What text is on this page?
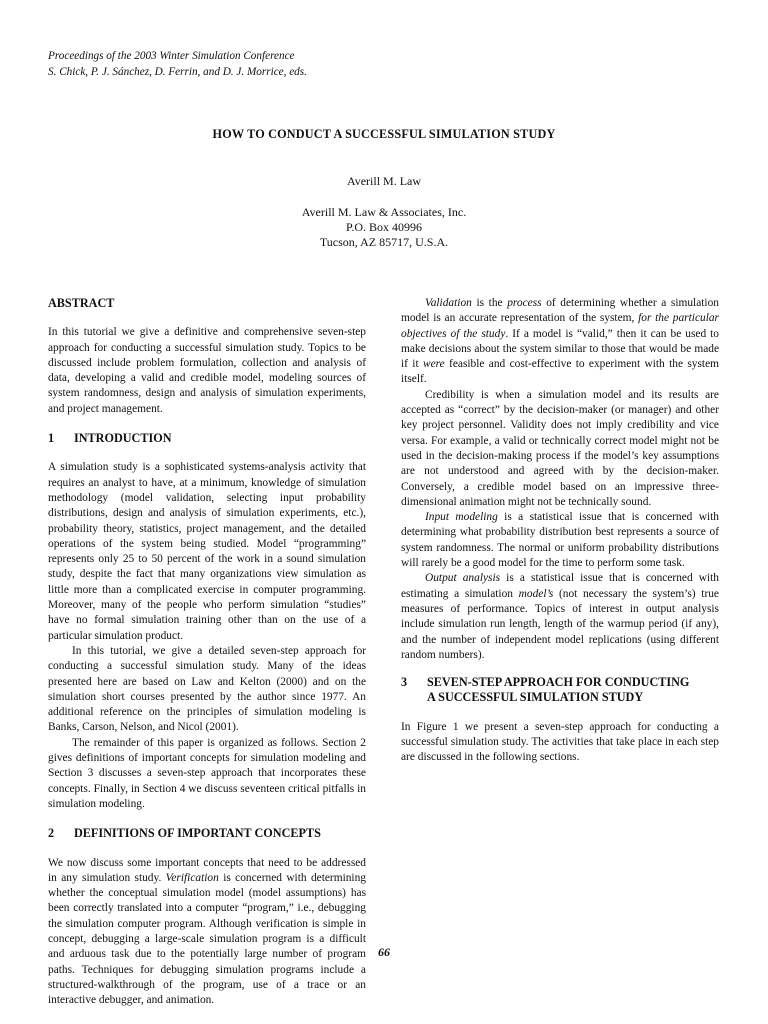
Proceedings of the 2003 Winter Simulation Conference
S. Chick, P. J. Sánchez, D. Ferrin, and D. J. Morrice, eds.
HOW TO CONDUCT A SUCCESSFUL SIMULATION STUDY
Averill M. Law
Averill M. Law & Associates, Inc.
P.O. Box 40996
Tucson, AZ 85717, U.S.A.
ABSTRACT

In this tutorial we give a definitive and comprehensive seven-step approach for conducting a successful simulation study. Topics to be discussed include problem formulation, collection and analysis of data, developing a valid and credible model, modeling sources of system randomness, design and analysis of simulation experiments, and project management.

1	INTRODUCTION

A simulation study is a sophisticated systems-analysis activity that requires an analyst to have, at a minimum, knowledge of simulation methodology (model validation, selecting input probability distributions, design and analysis of simulation experiments, etc.), probability theory, statistics, project management, and the detailed operations of the system being studied. Model “programming” represents only 25 to 50 percent of the work in a sound simulation study, despite the fact that many organizations view simulation as little more than a complicated exercise in computer programming. Moreover, many of the people who perform simulation “studies” have no formal simulation training other than on the use of a particular simulation product.

In this tutorial, we give a detailed seven-step approach for conducting a successful simulation study. Many of the ideas presented here are based on Law and Kelton (2000) and on the simulation short courses presented by the author since 1977. An additional reference on the principles of simulation modeling is Banks, Carson, Nelson, and Nicol (2001).

The remainder of this paper is organized as follows. Section 2 gives definitions of important concepts for simulation modeling and Section 3 discusses a seven-step approach that incorporates these concepts. Finally, in Section 4 we discuss seventeen critical pitfalls in simulation modeling.

2	DEFINITIONS OF IMPORTANT CONCEPTS

We now discuss some important concepts that need to be addressed in any simulation study. Verification is concerned with determining whether the conceptual simulation model (model assumptions) has been correctly translated into a computer “program,” i.e., debugging the simulation computer program. Although verification is simple in concept, debugging a large-scale simulation program is a difficult and arduous task due to the potentially large number of program paths. Techniques for debugging simulation programs include a structured-walkthrough of the program, use of a trace or an interactive debugger, and animation.

Validation is the process of determining whether a simulation model is an accurate representation of the system, for the particular objectives of the study. If a model is “valid,” then it can be used to make decisions about the system similar to those that would be made if it were feasible and cost-effective to experiment with the system itself.

Credibility is when a simulation model and its results are accepted as “correct” by the decision-maker (or manager) and other key project personnel. Validity does not imply credibility and vice versa. For example, a valid or technically correct model might not be used in the decision-making process if the model’s key assumptions are not understood and agreed with by the decision-maker. Conversely, a credible model based on an impressive three-dimensional animation might not be technically sound.

Input modeling is a statistical issue that is concerned with determining what probability distribution best represents a source of system randomness. The normal or uniform probability distributions will rarely be a good model for the time to perform some task.

Output analysis is a statistical issue that is concerned with estimating a simulation model’s (not necessary the system’s) true measures of performance. Topics of interest in output analysis include simulation run length, length of the warmup period (if any), and the number of independent model replications (using different random numbers).

3	SEVEN-STEP APPROACH FOR CONDUCTING
A SUCCESSFUL SIMULATION STUDY

In Figure 1 we present a seven-step approach for conducting a successful simulation study. The activities that take place in each step are discussed in the following sections.

66
